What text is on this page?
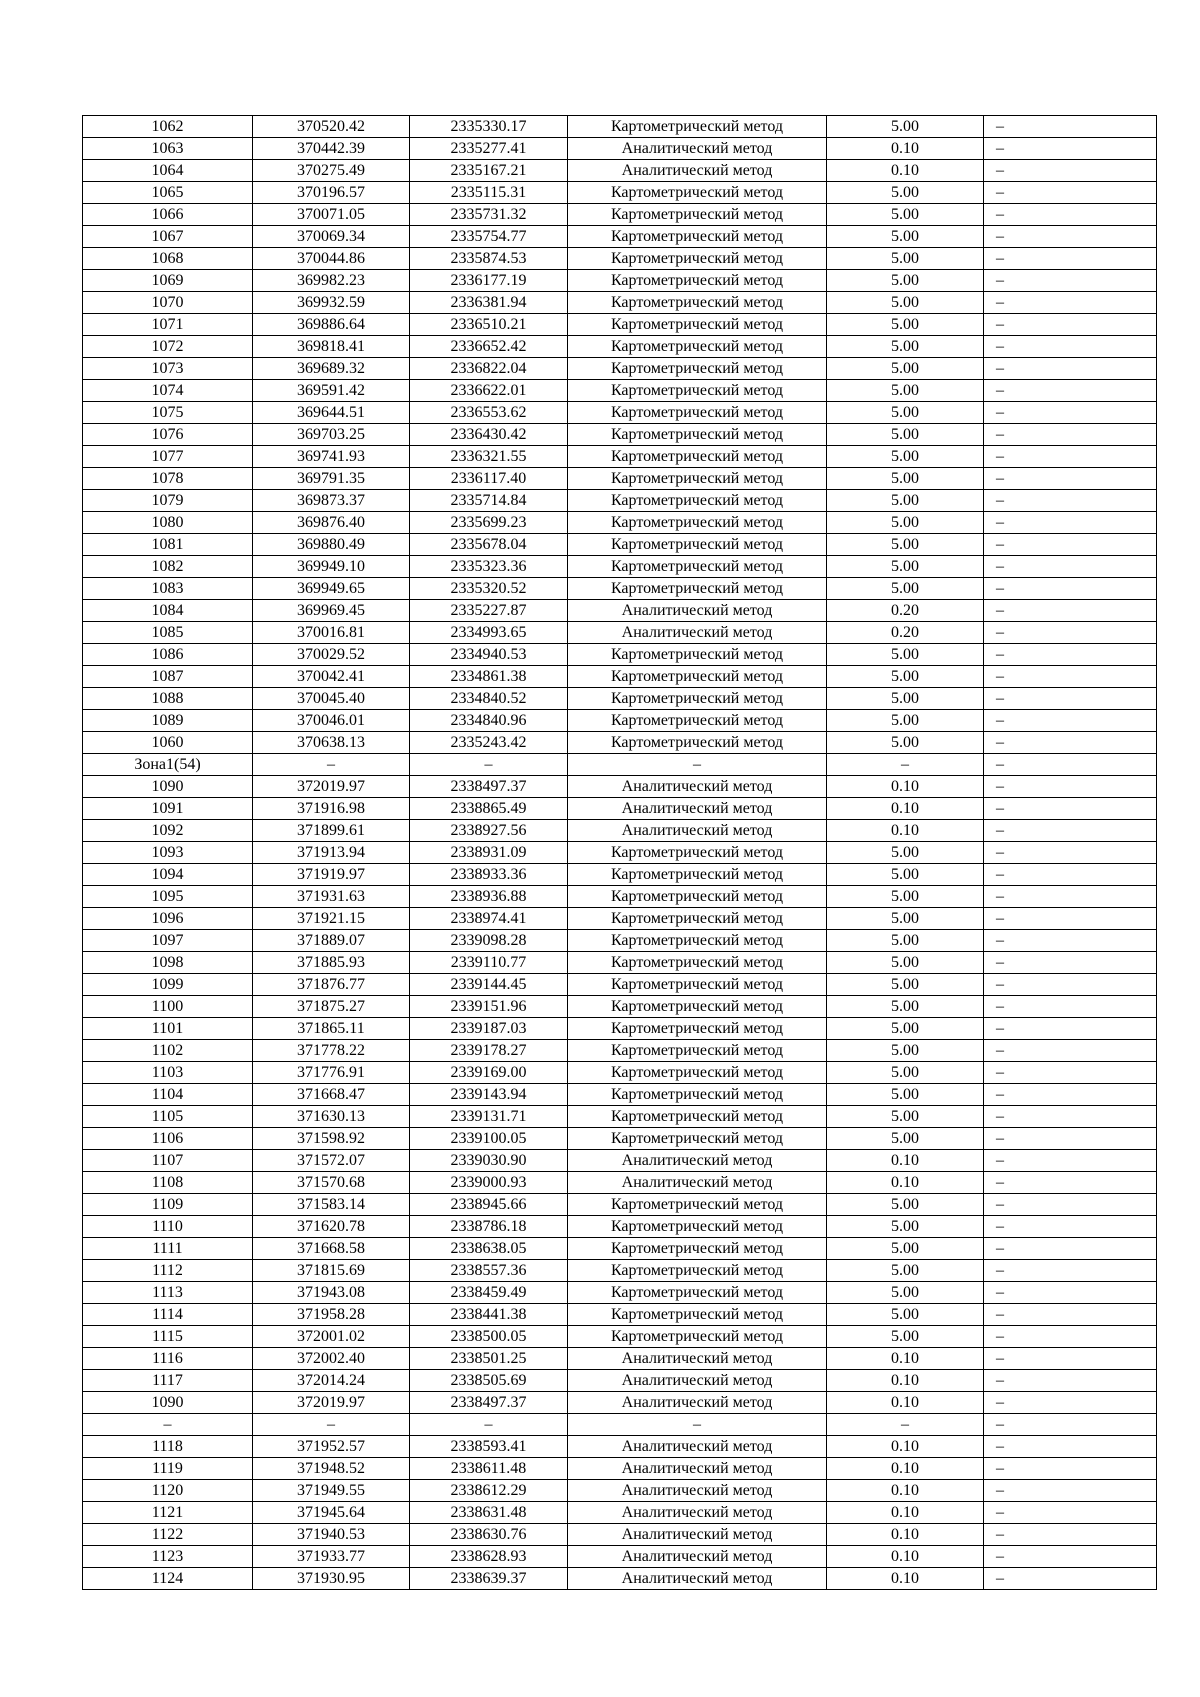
1062	370520.42	2335330.17	Картометрический метод	5.00	–
1063	370442.39	2335277.41	Аналитический метод	0.10	–
1064	370275.49	2335167.21	Аналитический метод	0.10	–
1065	370196.57	2335115.31	Картометрический метод	5.00	–
1066	370071.05	2335731.32	Картометрический метод	5.00	–
1067	370069.34	2335754.77	Картометрический метод	5.00	–
1068	370044.86	2335874.53	Картометрический метод	5.00	–
1069	369982.23	2336177.19	Картометрический метод	5.00	–
1070	369932.59	2336381.94	Картометрический метод	5.00	–
1071	369886.64	2336510.21	Картометрический метод	5.00	–
1072	369818.41	2336652.42	Картометрический метод	5.00	–
1073	369689.32	2336822.04	Картометрический метод	5.00	–
1074	369591.42	2336622.01	Картометрический метод	5.00	–
1075	369644.51	2336553.62	Картометрический метод	5.00	–
1076	369703.25	2336430.42	Картометрический метод	5.00	–
1077	369741.93	2336321.55	Картометрический метод	5.00	–
1078	369791.35	2336117.40	Картометрический метод	5.00	–
1079	369873.37	2335714.84	Картометрический метод	5.00	–
1080	369876.40	2335699.23	Картометрический метод	5.00	–
1081	369880.49	2335678.04	Картометрический метод	5.00	–
1082	369949.10	2335323.36	Картометрический метод	5.00	–
1083	369949.65	2335320.52	Картометрический метод	5.00	–
1084	369969.45	2335227.87	Аналитический метод	0.20	–
1085	370016.81	2334993.65	Аналитический метод	0.20	–
1086	370029.52	2334940.53	Картометрический метод	5.00	–
1087	370042.41	2334861.38	Картометрический метод	5.00	–
1088	370045.40	2334840.52	Картометрический метод	5.00	–
1089	370046.01	2334840.96	Картометрический метод	5.00	–
1060	370638.13	2335243.42	Картометрический метод	5.00	–
Зона1(54)	–	–	–	–	–
1090	372019.97	2338497.37	Аналитический метод	0.10	–
1091	371916.98	2338865.49	Аналитический метод	0.10	–
1092	371899.61	2338927.56	Аналитический метод	0.10	–
1093	371913.94	2338931.09	Картометрический метод	5.00	–
1094	371919.97	2338933.36	Картометрический метод	5.00	–
1095	371931.63	2338936.88	Картометрический метод	5.00	–
1096	371921.15	2338974.41	Картометрический метод	5.00	–
1097	371889.07	2339098.28	Картометрический метод	5.00	–
1098	371885.93	2339110.77	Картометрический метод	5.00	–
1099	371876.77	2339144.45	Картометрический метод	5.00	–
1100	371875.27	2339151.96	Картометрический метод	5.00	–
1101	371865.11	2339187.03	Картометрический метод	5.00	–
1102	371778.22	2339178.27	Картометрический метод	5.00	–
1103	371776.91	2339169.00	Картометрический метод	5.00	–
1104	371668.47	2339143.94	Картометрический метод	5.00	–
1105	371630.13	2339131.71	Картометрический метод	5.00	–
1106	371598.92	2339100.05	Картометрический метод	5.00	–
1107	371572.07	2339030.90	Аналитический метод	0.10	–
1108	371570.68	2339000.93	Аналитический метод	0.10	–
1109	371583.14	2338945.66	Картометрический метод	5.00	–
1110	371620.78	2338786.18	Картометрический метод	5.00	–
1111	371668.58	2338638.05	Картометрический метод	5.00	–
1112	371815.69	2338557.36	Картометрический метод	5.00	–
1113	371943.08	2338459.49	Картометрический метод	5.00	–
1114	371958.28	2338441.38	Картометрический метод	5.00	–
1115	372001.02	2338500.05	Картометрический метод	5.00	–
1116	372002.40	2338501.25	Аналитический метод	0.10	–
1117	372014.24	2338505.69	Аналитический метод	0.10	–
1090	372019.97	2338497.37	Аналитический метод	0.10	–
–	–	–	–	–	–
1118	371952.57	2338593.41	Аналитический метод	0.10	–
1119	371948.52	2338611.48	Аналитический метод	0.10	–
1120	371949.55	2338612.29	Аналитический метод	0.10	–
1121	371945.64	2338631.48	Аналитический метод	0.10	–
1122	371940.53	2338630.76	Аналитический метод	0.10	–
1123	371933.77	2338628.93	Аналитический метод	0.10	–
1124	371930.95	2338639.37	Аналитический метод	0.10	–
